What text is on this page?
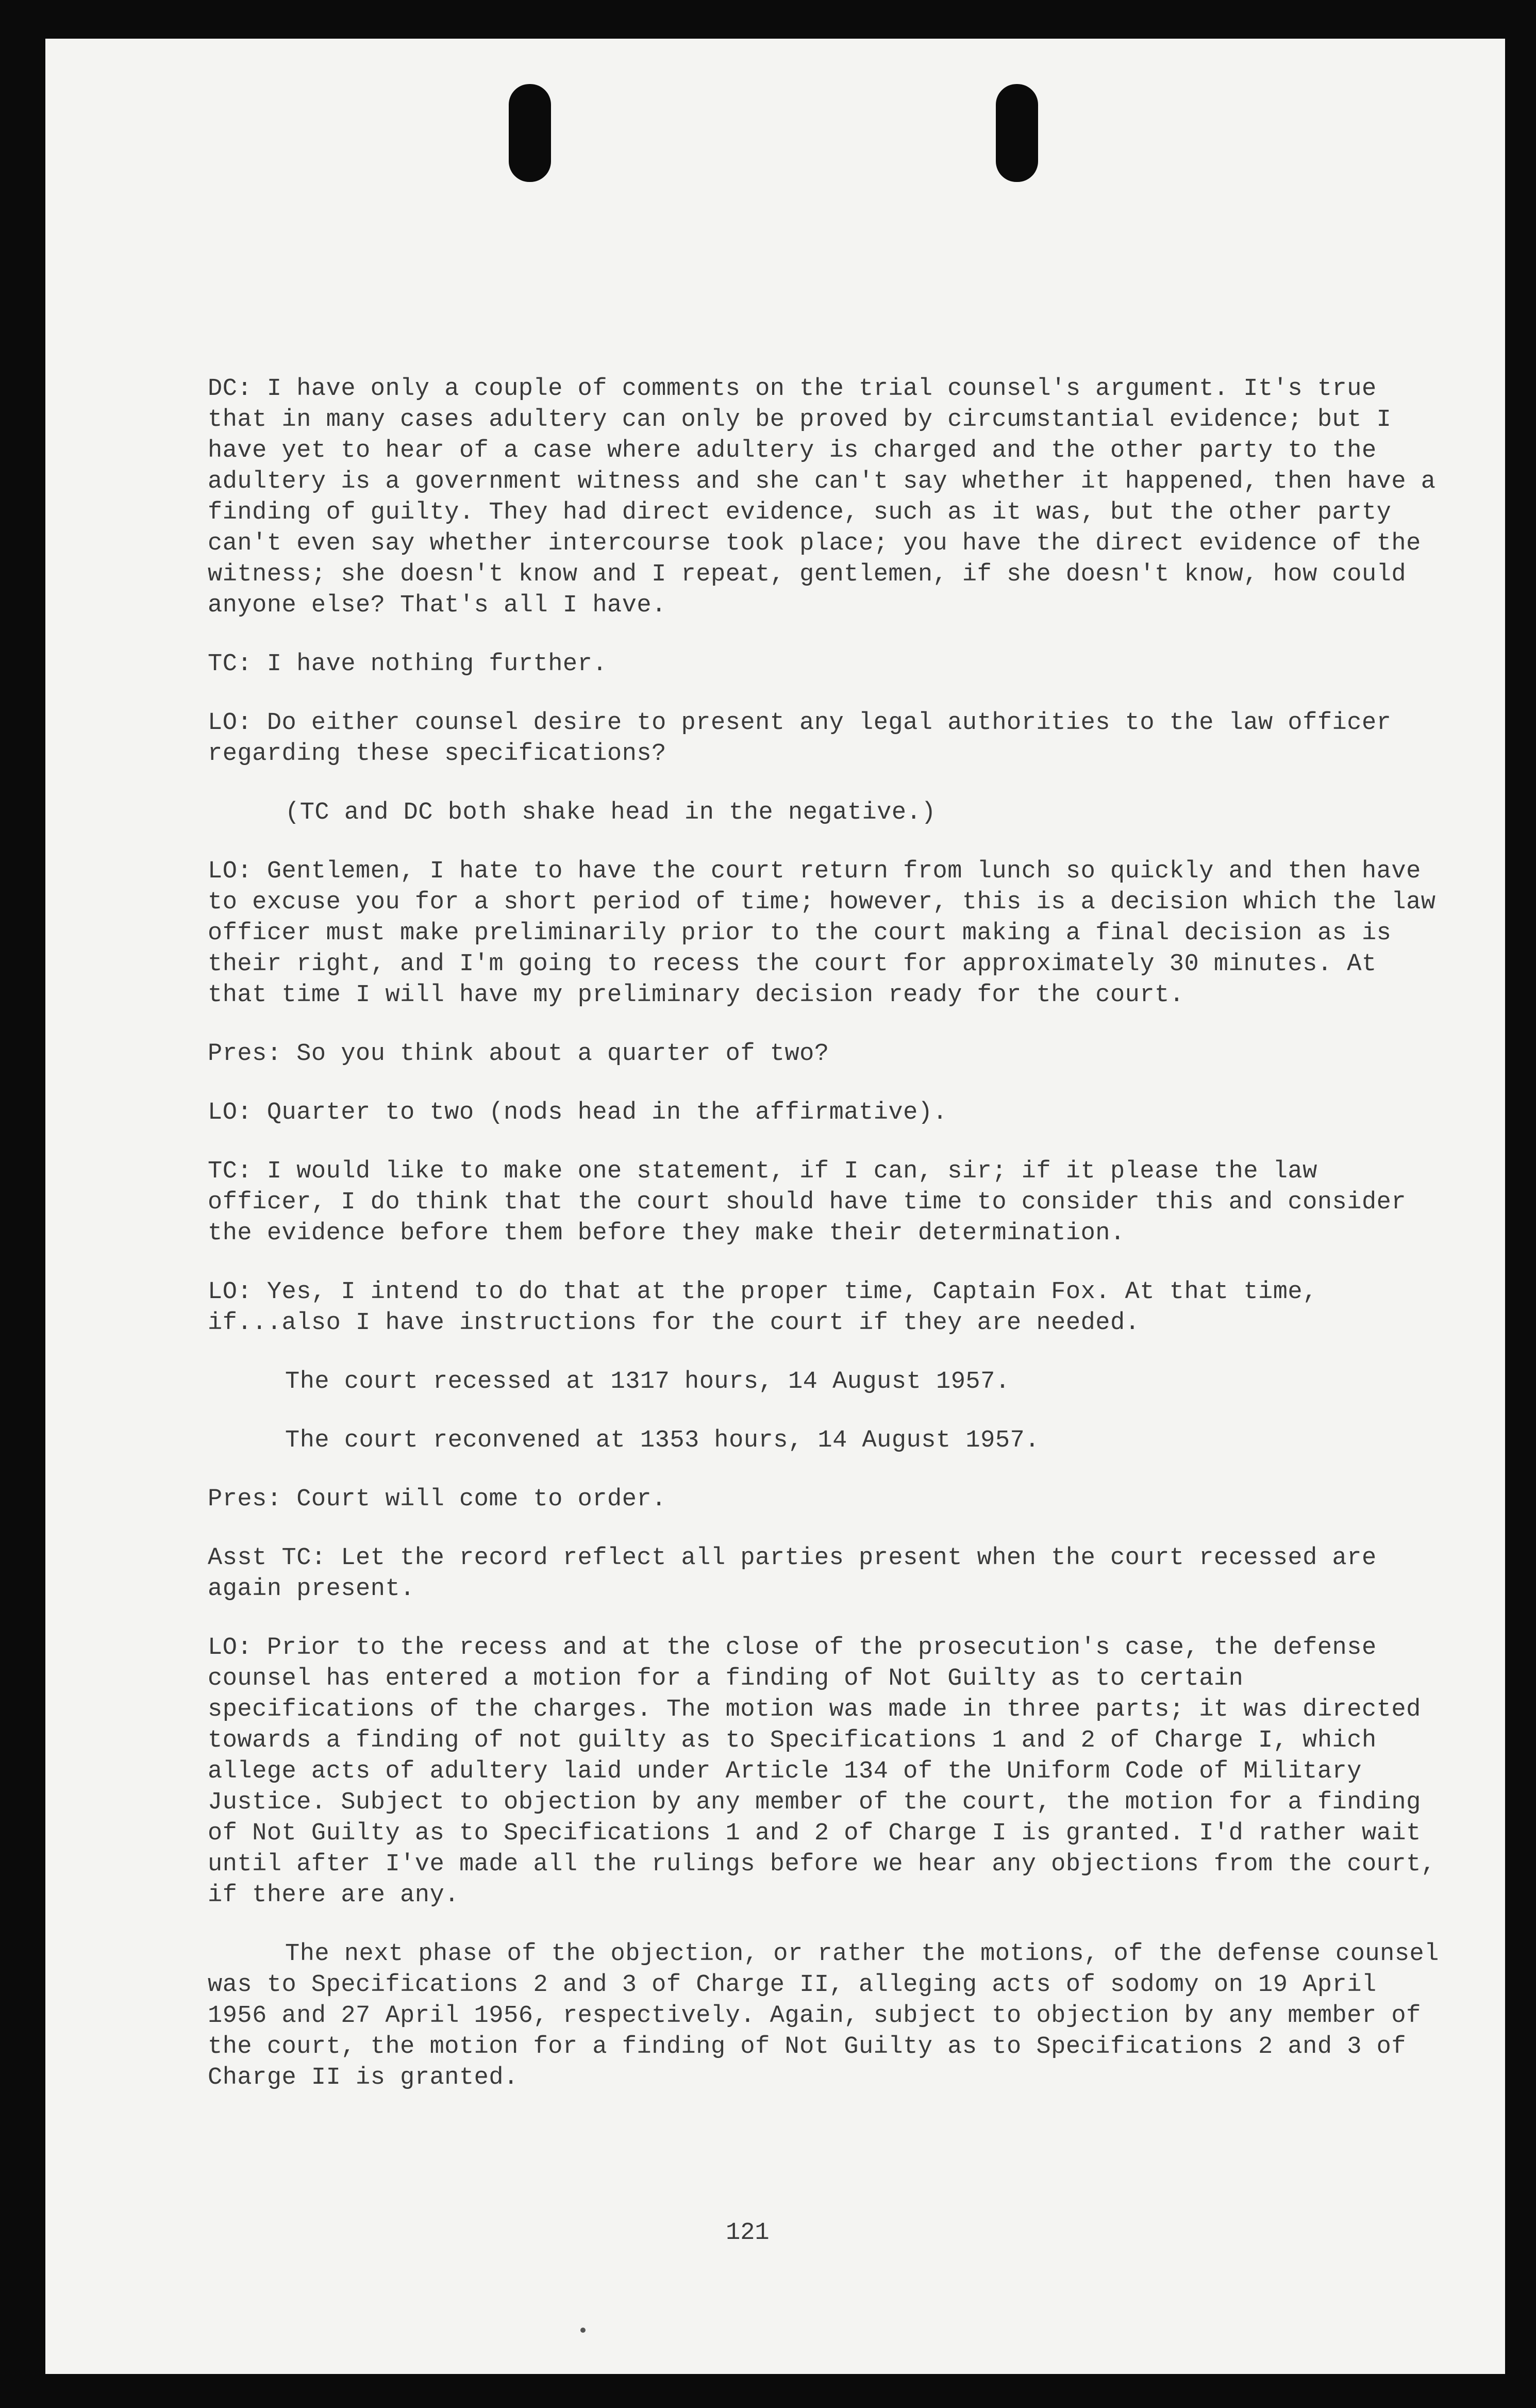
DC: I have only a couple of comments on the trial counsel's argument. It's true that in many cases adultery can only be proved by circumstantial evidence; but I have yet to hear of a case where adultery is charged and the other party to the adultery is a government witness and she can't say whether it happened, then have a finding of guilty. They had direct evidence, such as it was, but the other party can't even say whether intercourse took place; you have the direct evidence of the witness; she doesn't know and I repeat, gentlemen, if she doesn't know, how could anyone else? That's all I have.

TC: I have nothing further.

LO: Do either counsel desire to present any legal authorities to the law officer regarding these specifications?

(TC and DC both shake head in the negative.)

LO: Gentlemen, I hate to have the court return from lunch so quickly and then have to excuse you for a short period of time; however, this is a decision which the law officer must make preliminarily prior to the court making a final decision as is their right, and I'm going to recess the court for approximately 30 minutes. At that time I will have my preliminary decision ready for the court.

Pres: So you think about a quarter of two?

LO: Quarter to two (nods head in the affirmative).

TC: I would like to make one statement, if I can, sir; if it please the law officer, I do think that the court should have time to consider this and consider the evidence before them before they make their determination.

LO: Yes, I intend to do that at the proper time, Captain Fox. At that time, if...also I have instructions for the court if they are needed.

The court recessed at 1317 hours, 14 August 1957.

The court reconvened at 1353 hours, 14 August 1957.

Pres: Court will come to order.

Asst TC: Let the record reflect all parties present when the court recessed are again present.

LO: Prior to the recess and at the close of the prosecution's case, the defense counsel has entered a motion for a finding of Not Guilty as to certain specifications of the charges. The motion was made in three parts; it was directed towards a finding of not guilty as to Specifications 1 and 2 of Charge I, which allege acts of adultery laid under Article 134 of the Uniform Code of Military Justice. Subject to objection by any member of the court, the motion for a finding of Not Guilty as to Specifications 1 and 2 of Charge I is granted. I'd rather wait until after I've made all the rulings before we hear any objections from the court, if there are any.

The next phase of the objection, or rather the motions, of the defense counsel was to Specifications 2 and 3 of Charge II, alleging acts of sodomy on 19 April 1956 and 27 April 1956, respectively. Again, subject to objection by any member of the court, the motion for a finding of Not Guilty as to Specifications 2 and 3 of Charge II is granted.

121
